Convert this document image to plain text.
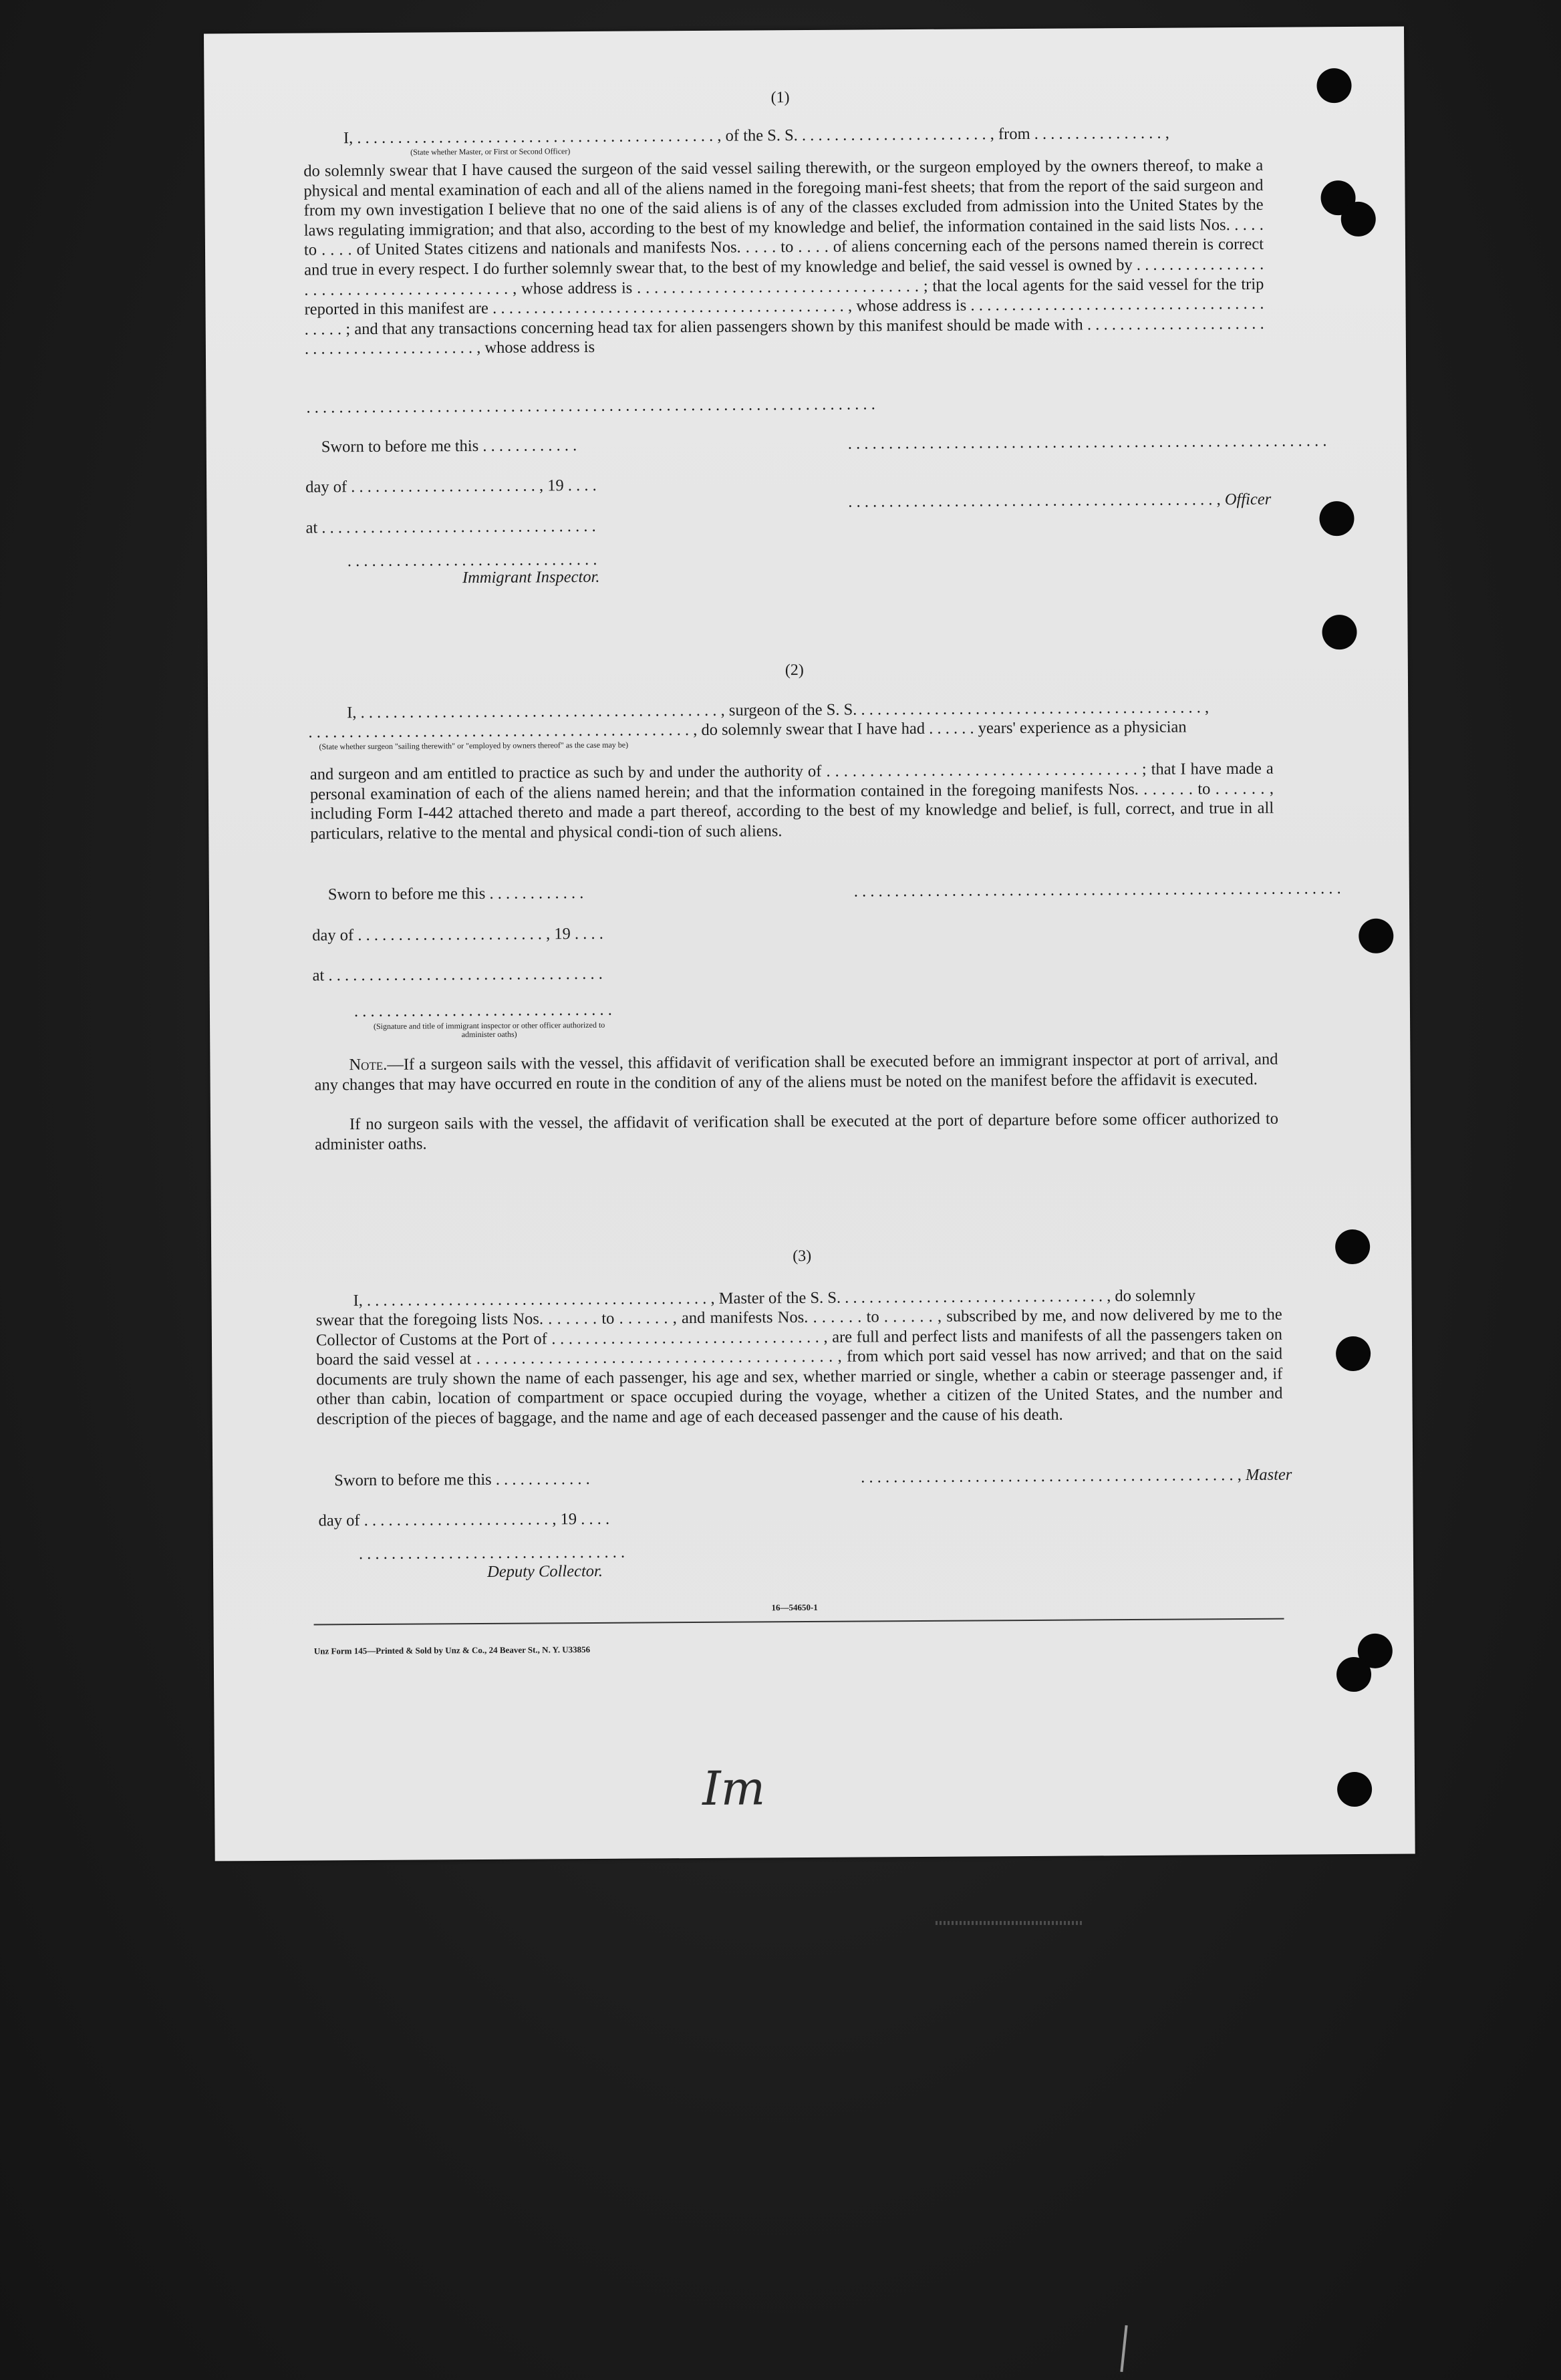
(1)
I, . . . . . . . . . . . . . . . . . . . . . . . . . . . . . . . . . . . . . . . . . . . . , of the S. S. . . . . . . . . . . . . . . . . . . . . . . . , from . . . . . . . . . . . . . . . . ,
(State whether Master, or First or Second Officer)
do solemnly swear that I have caused the surgeon of the said vessel sailing therewith, or the surgeon employed by the owners thereof, to make a physical and mental examination of each and all of the aliens named in the foregoing mani-fest sheets; that from the report of the said surgeon and from my own investigation I believe that no one of the said aliens is of any of the classes excluded from admission into the United States by the laws regulating immigration; and that also, according to the best of my knowledge and belief, the information contained in the said lists Nos. . . . . to . . . . of United States citizens and nationals and manifests Nos. . . . . to . . . . of aliens concerning each of the persons named therein is correct and true in every respect. I do further solemnly swear that, to the best of my knowledge and belief, the said vessel is owned by . . . . . . . . . . . . . . . . . . . . . . . . . . . . . . . . . . . . . . . . , whose address is . . . . . . . . . . . . . . . . . . . . . . . . . . . . . . . . . ; that the local agents for the said vessel for the trip reported in this manifest are . . . . . . . . . . . . . . . . . . . . . . . . . . . . . . . . . . . . . . . . . . . , whose address is . . . . . . . . . . . . . . . . . . . . . . . . . . . . . . . . . . . . . . . . . ; and that any transactions concerning head tax for alien passengers shown by this manifest should be made with . . . . . . . . . . . . . . . . . . . . . . . . . . . . . . . . . . . . . . . . . . . , whose address is
. . . . . . . . . . . . . . . . . . . . . . . . . . . . . . . . . . . . . . . . . . . . . . . . . . . . . . . . . . . . . . . . . . . . . .
Sworn to before me this . . . . . . . . . . . .	. . . . . . . . . . . . . . . . . . . . . . . . . . . . . . . . . . . . . . . . . . . . . . . . . . . . . . . . . . .
day of . . . . . . . . . . . . . . . . . . . . . . . , 19 . . . .
. . . . . . . . . . . . . . . . . . . . . . . . . . . . . . . . . . . . . . . . . . . . . , Officer
at . . . . . . . . . . . . . . . . . . . . . . . . . . . . . . . . . .
. . . . . . . . . . . . . . . . . . . . . . . . . . . . . . .
Immigrant Inspector.
(2)
I, . . . . . . . . . . . . . . . . . . . . . . . . . . . . . . . . . . . . . . . . . . . . , surgeon of the S. S. . . . . . . . . . . . . . . . . . . . . . . . . . . . . . . . . . . . . . . . . . . ,
. . . . . . . . . . . . . . . . . . . . . . . . . . . . . . . . . . . . . . . . . . . . . . . , do solemnly swear that I have had . . . . . . years' experience as a physician
(State whether surgeon "sailing therewith" or "employed by owners thereof" as the case may be)
and surgeon and am entitled to practice as such by and under the authority of . . . . . . . . . . . . . . . . . . . . . . . . . . . . . . . . . . . . ; that I have made a personal examination of each of the aliens named herein; and that the information contained in the foregoing manifests Nos. . . . . . . to . . . . . . , including Form I-442 attached thereto and made a part thereof, according to the best of my knowledge and belief, is full, correct, and true in all particulars, relative to the mental and physical condi-tion of such aliens.
Sworn to before me this . . . . . . . . . . . .	. . . . . . . . . . . . . . . . . . . . . . . . . . . . . . . . . . . . . . . . . . . . . . . . . . . . . . . . . . . .
day of . . . . . . . . . . . . . . . . . . . . . . . , 19 . . . .
at . . . . . . . . . . . . . . . . . . . . . . . . . . . . . . . . . .
. . . . . . . . . . . . . . . . . . . . . . . . . . . . . . . .
(Signature and title of immigrant inspector or other officer authorized to administer oaths)
Note.—If a surgeon sails with the vessel, this affidavit of verification shall be executed before an immigrant inspector at port of arrival, and any changes that may have occurred en route in the condition of any of the aliens must be noted on the manifest before the affidavit is executed.
If no surgeon sails with the vessel, the affidavit of verification shall be executed at the port of departure before some officer authorized to administer oaths.
(3)
I, . . . . . . . . . . . . . . . . . . . . . . . . . . . . . . . . . . . . . . . . . . , Master of the S. S. . . . . . . . . . . . . . . . . . . . . . . . . . . . . . . . . , do solemnly
swear that the foregoing lists Nos. . . . . . . to . . . . . . , and manifests Nos. . . . . . . to . . . . . . , subscribed by me, and now delivered by me to the Collector of Customs at the Port of . . . . . . . . . . . . . . . . . . . . . . . . . . . . . . . . , are full and perfect lists and manifests of all the passengers taken on board the said vessel at . . . . . . . . . . . . . . . . . . . . . . . . . . . . . . . . . . . . . . . . , from which port said vessel has now arrived; and that on the said documents are truly shown the name of each passenger, his age and sex, whether married or single, whether a cabin or steerage passenger and, if other than cabin, location of compartment or space occupied during the voyage, whether a citizen of the United States, and the number and description of the pieces of baggage, and the name and age of each deceased passenger and the cause of his death.
Sworn to before me this . . . . . . . . . . . .	. . . . . . . . . . . . . . . . . . . . . . . . . . . . . . . . . . . . . . . . . . . . . . , Master
day of . . . . . . . . . . . . . . . . . . . . . . . , 19 . . . .
. . . . . . . . . . . . . . . . . . . . . . . . . . . . . . . . .
Deputy Collector.
16—54650-1
Unz Form 145—Printed & Sold by Unz & Co., 24 Beaver St., N. Y. U33856
Im
